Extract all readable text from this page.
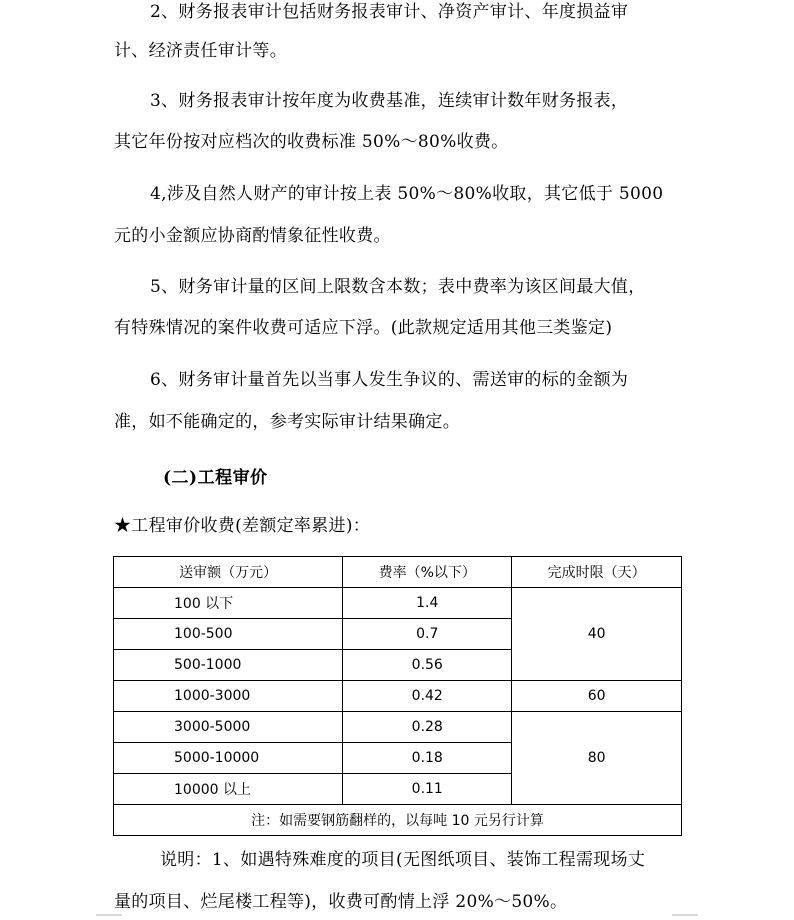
2、财务报表审计包括财务报表审计、净资产审计、年度损益审
计、经济责任审计等。
3、财务报表审计按年度为收费基准，连续审计数年财务报表，
其它年份按对应档次的收费标准 50%～80%收费。
4,涉及自然人财产的审计按上表 50%～80%收取，其它低于 5000
元的小金额应协商酌情象征性收费。
5、财务审计量的区间上限数含本数；表中费率为该区间最大值，
有特殊情况的案件收费可适应下浮。(此款规定适用其他三类鉴定)
6、财务审计量首先以当事人发生争议的、需送审的标的金额为
准，如不能确定的，参考实际审计结果确定。
(二)工程审价
★工程审价收费(差额定率累进)：
送审额（万元）	费率（%以下）	完成时限（天）
100 以下	1.4	40
100-500	0.7	
500-1000	0.56	
1000-3000	0.42	60
3000-5000	0.28	80
5000-10000	0.18	
10000 以上	0.11	
注：如需要钢筋翻样的，以每吨 10 元另行计算		
说明：1、如遇特殊难度的项目(无图纸项目、装饰工程需现场丈
量的项目、烂尾楼工程等)，收费可酌情上浮 20%～50%。
